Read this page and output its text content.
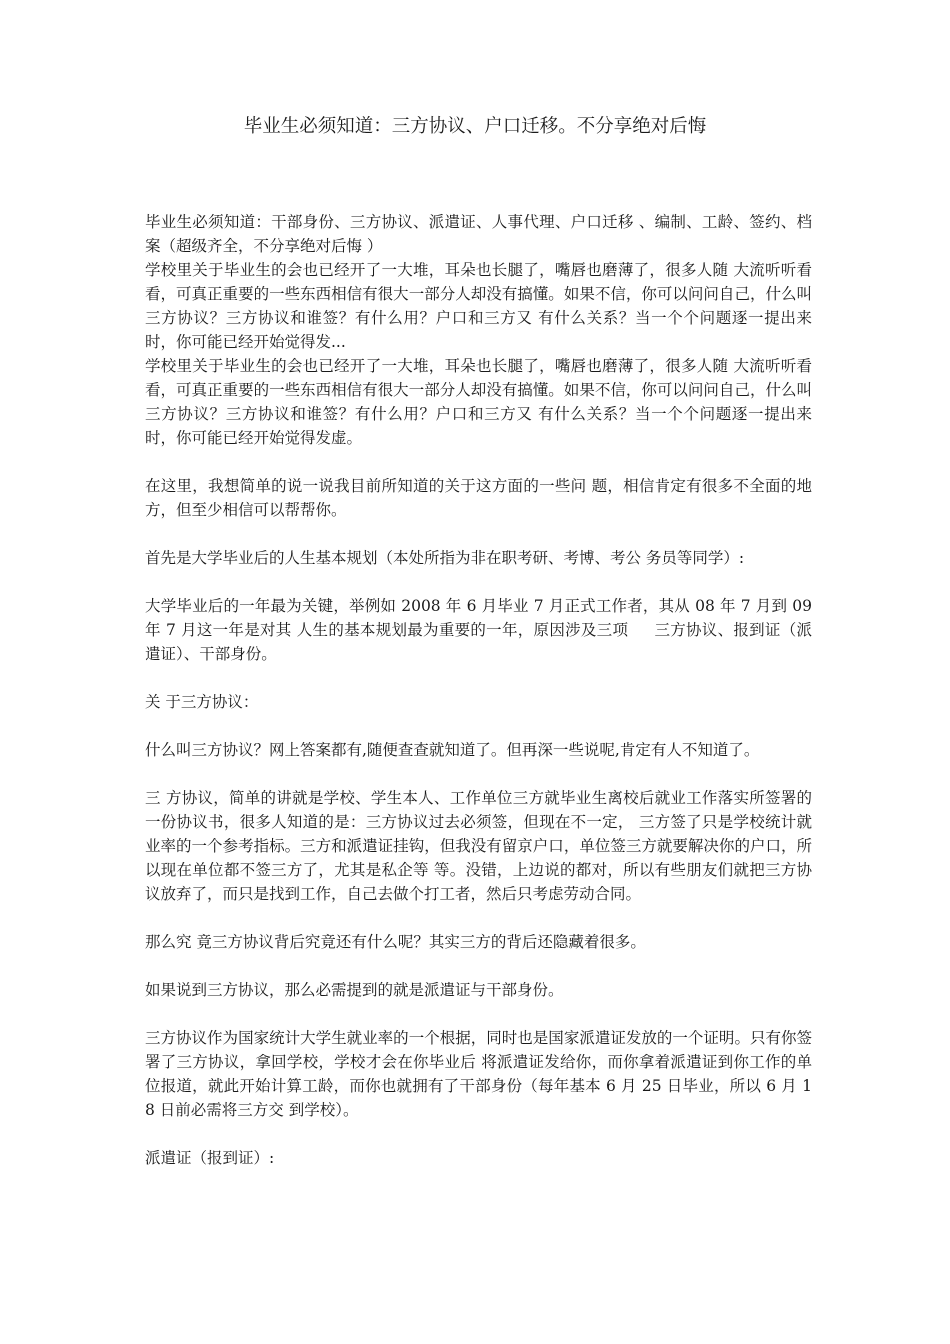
毕业生必须知道：三方协议、户口迁移。不分享绝对后悔

毕业生必须知道：干部身份、三方协议、派遣证、人事代理、户口迁移 、编制、工龄、签约、档案（超级齐全，不分享绝对后悔 ）

学校里关于毕业生的会也已经开了一大堆，耳朵也长腿了，嘴唇也磨薄了，很多人随 大流听听看看，可真正重要的一些东西相信有很大一部分人却没有搞懂。如果不信，你可以问问自己，什么叫三方协议？三方协议和谁签？有什么用？户口和三方又 有什么关系？当一个个问题逐一提出来时，你可能已经开始觉得发...

学校里关于毕业生的会也已经开了一大堆，耳朵也长腿了，嘴唇也磨薄了，很多人随 大流听听看看，可真正重要的一些东西相信有很大一部分人却没有搞懂。如果不信，你可以问问自己，什么叫三方协议？三方协议和谁签？有什么用？户口和三方又 有什么关系？当一个个问题逐一提出来时，你可能已经开始觉得发虚。

在这里，我想简单的说一说我目前所知道的关于这方面的一些问 题，相信肯定有很多不全面的地方，但至少相信可以帮帮你。

首先是大学毕业后的人生基本规划（本处所指为非在职考研、考博、考公 务员等同学）:

大学毕业后的一年最为关键，举例如 2008 年 6 月毕业 7 月正式工作者，其从 08 年 7 月到 09 年 7 月这一年是对其 人生的基本规划最为重要的一年，原因涉及三项 　 三方协议、报到证（派遣证）、干部身份。

关 于三方协议：

什么叫三方协议？网上答案都有,随便查查就知道了。但再深一些说呢,肯定有人不知道了。

三 方协议，简单的讲就是学校、学生本人、工作单位三方就毕业生离校后就业工作落实所签署的一份协议书，很多人知道的是：三方协议过去必须签，但现在不一定， 三方签了只是学校统计就业率的一个参考指标。三方和派遣证挂钩，但我没有留京户口，单位签三方就要解决你的户口，所以现在单位都不签三方了，尤其是私企等 等。没错，上边说的都对，所以有些朋友们就把三方协议放弃了，而只是找到工作，自己去做个打工者，然后只考虑劳动合同。

那么究 竟三方协议背后究竟还有什么呢？其实三方的背后还隐藏着很多。

如果说到三方协议，那么必需提到的就是派遣证与干部身份。

三方协议作为国家统计大学生就业率的一个根据，同时也是国家派遣证发放的一个证明。只有你签署了三方协议，拿回学校，学校才会在你毕业后 将派遣证发给你，而你拿着派遣证到你工作的单位报道，就此开始计算工龄，而你也就拥有了干部身份（每年基本 6 月 25 日毕业，所以 6 月 18 日前必需将三方交 到学校）。

派遣证（报到证）:
